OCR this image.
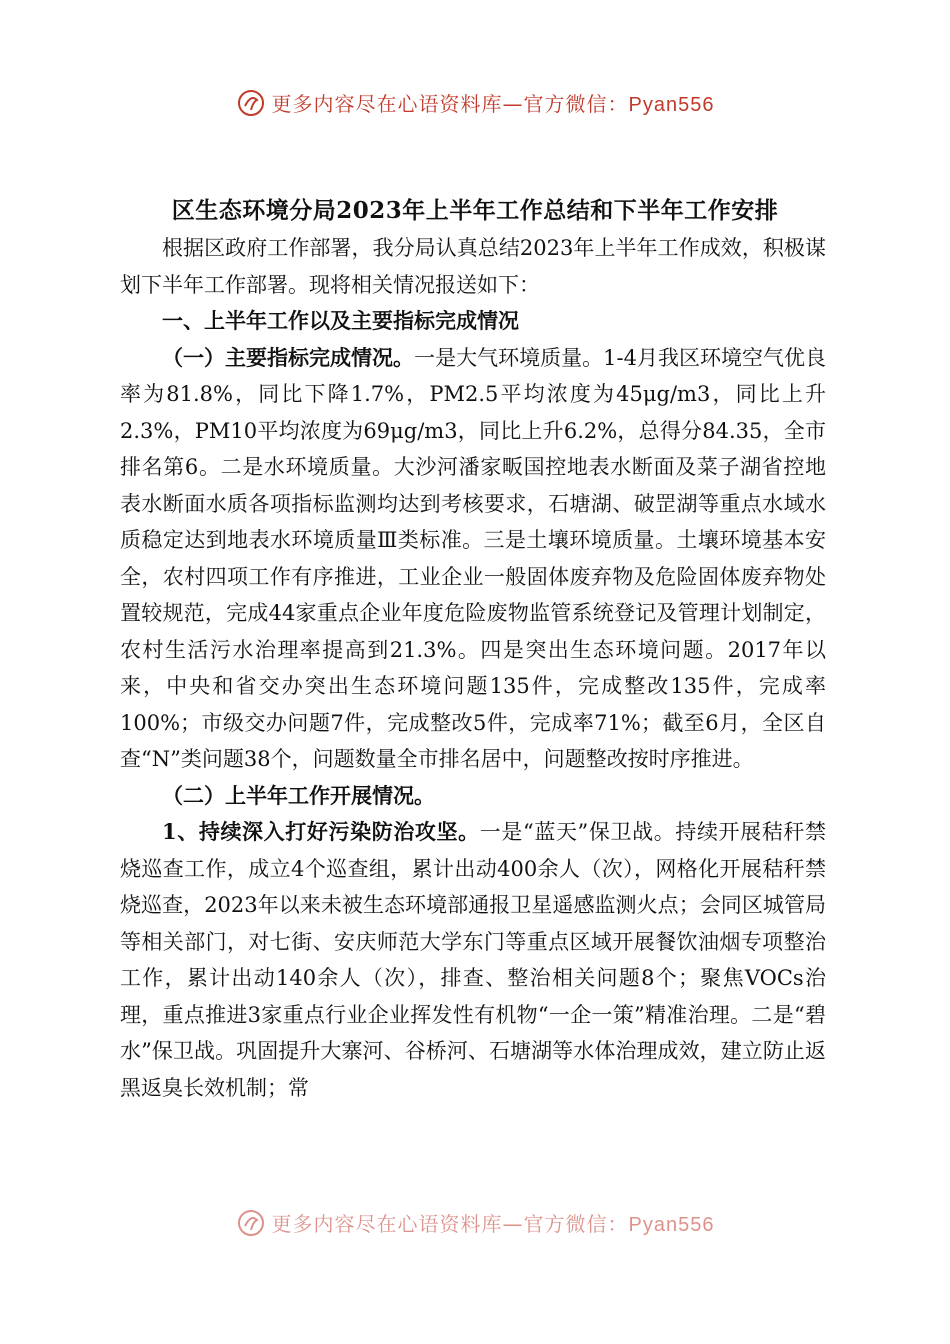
更多内容尽在心语资料库—官方微信：Pyan556
区生态环境分局2023年上半年工作总结和下半年工作安排

根据区政府工作部署，我分局认真总结2023年上半年工作成效，积极谋划下半年工作部署。现将相关情况报送如下：

一、上半年工作以及主要指标完成情况

（一）主要指标完成情况。一是大气环境质量。1-4月我区环境空气优良率为81.8%，同比下降1.7%，PM2.5平均浓度为45μg/m3，同比上升2.3%，PM10平均浓度为69μg/m3，同比上升6.2%，总得分84.35，全市排名第6。二是水环境质量。大沙河潘家畈国控地表水断面及菜子湖省控地表水断面水质各项指标监测均达到考核要求，石塘湖、破罡湖等重点水域水质稳定达到地表水环境质量Ⅲ类标准。三是土壤环境质量。土壤环境基本安全，农村四项工作有序推进，工业企业一般固体废弃物及危险固体废弃物处置较规范，完成44家重点企业年度危险废物监管系统登记及管理计划制定，农村生活污水治理率提高到21.3%。四是突出生态环境问题。2017年以来，中央和省交办突出生态环境问题135件，完成整改135件，完成率100%；市级交办问题7件，完成整改5件，完成率71%；截至6月，全区自查“N”类问题38个，问题数量全市排名居中，问题整改按时序推进。

（二）上半年工作开展情况。

1、持续深入打好污染防治攻坚。一是“蓝天”保卫战。持续开展秸秆禁烧巡查工作，成立4个巡查组，累计出动400余人（次），网格化开展秸秆禁烧巡查，2023年以来未被生态环境部通报卫星遥感监测火点；会同区城管局等相关部门，对七街、安庆师范大学东门等重点区域开展餐饮油烟专项整治工作，累计出动140余人（次），排查、整治相关问题8个；聚焦VOCs治理，重点推进3家重点行业企业挥发性有机物“一企一策”精准治理。二是“碧水”保卫战。巩固提升大寨河、谷桥河、石塘湖等水体治理成效，建立防止返黑返臭长效机制；常

更多内容尽在心语资料库—官方微信：Pyan556
